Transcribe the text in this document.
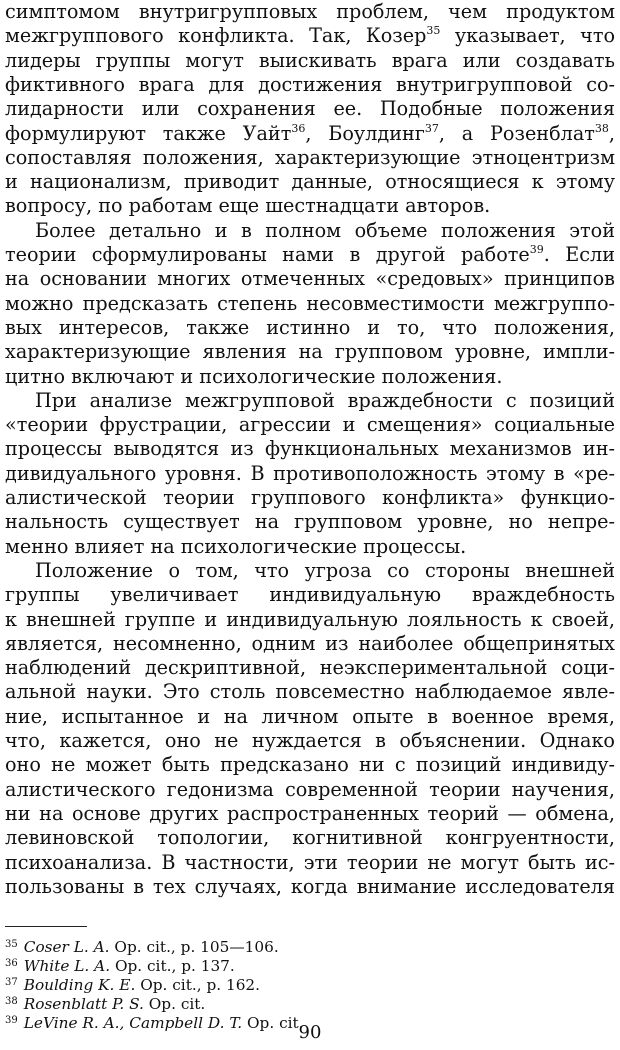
симптомом внутригрупповых проблем, чем продуктом
межгруппового конфликта. Так, Козер$^{35}$ указывает, что
лидеры группы могут выискивать врага или создавать
фиктивного врага для достижения внутригрупповой со-
лидарности или сохранения ее. Подобные положения
формулируют также Уайт$^{36}$, Боулдинг$^{37}$, а Розенблат$^{38}$,
сопоставляя положения, характеризующие этноцентризм
и национализм, приводит данные, относящиеся к этому
вопросу, по работам еще шестнадцати авторов.
Более детально и в полном объеме положения этой
теории сформулированы нами в другой работе$^{39}$. Если
на основании многих отмеченных «средовых» принципов
можно предсказать степень несовместимости межгруппо-
вых интересов, также истинно и то, что положения,
характеризующие явления на групповом уровне, импли-
цитно включают и психологические положения.
При анализе межгрупповой враждебности с позиций
«теории фрустрации, агрессии и смещения» социальные
процессы выводятся из функциональных механизмов ин-
дивидуального уровня. В противоположность этому в «ре-
алистической теории группового конфликта» функцио-
нальность существует на групповом уровне, но непре-
менно влияет на психологические процессы.
Положение о том, что угроза со стороны внешней
группы увеличивает индивидуальную враждебность
к внешней группе и индивидуальную лояльность к своей,
является, несомненно, одним из наиболее общепринятых
наблюдений дескриптивной, неэкспериментальной соци-
альной науки. Это столь повсеместно наблюдаемое явле-
ние, испытанное и на личном опыте в военное время,
что, кажется, оно не нуждается в объяснении. Однако
оно не может быть предсказано ни с позиций индивиду-
алистического гедонизма современной теории научения,
ни на основе других распространенных теорий — обмена,
левиновской топологии, когнитивной конгруентности,
психоанализа. В частности, эти теории не могут быть ис-
пользованы в тех случаях, когда внимание исследователя
$^{35}$ Coser L. A. Op. cit., p. 105—106.
$^{36}$ White L. A. Op. cit., p. 137.
$^{37}$ Boulding K. E. Op. cit., p. 162.
$^{38}$ Rosenblatt P. S. Op. cit.
$^{39}$ LeVine R. A., Campbell D. T. Op. cit.
90
